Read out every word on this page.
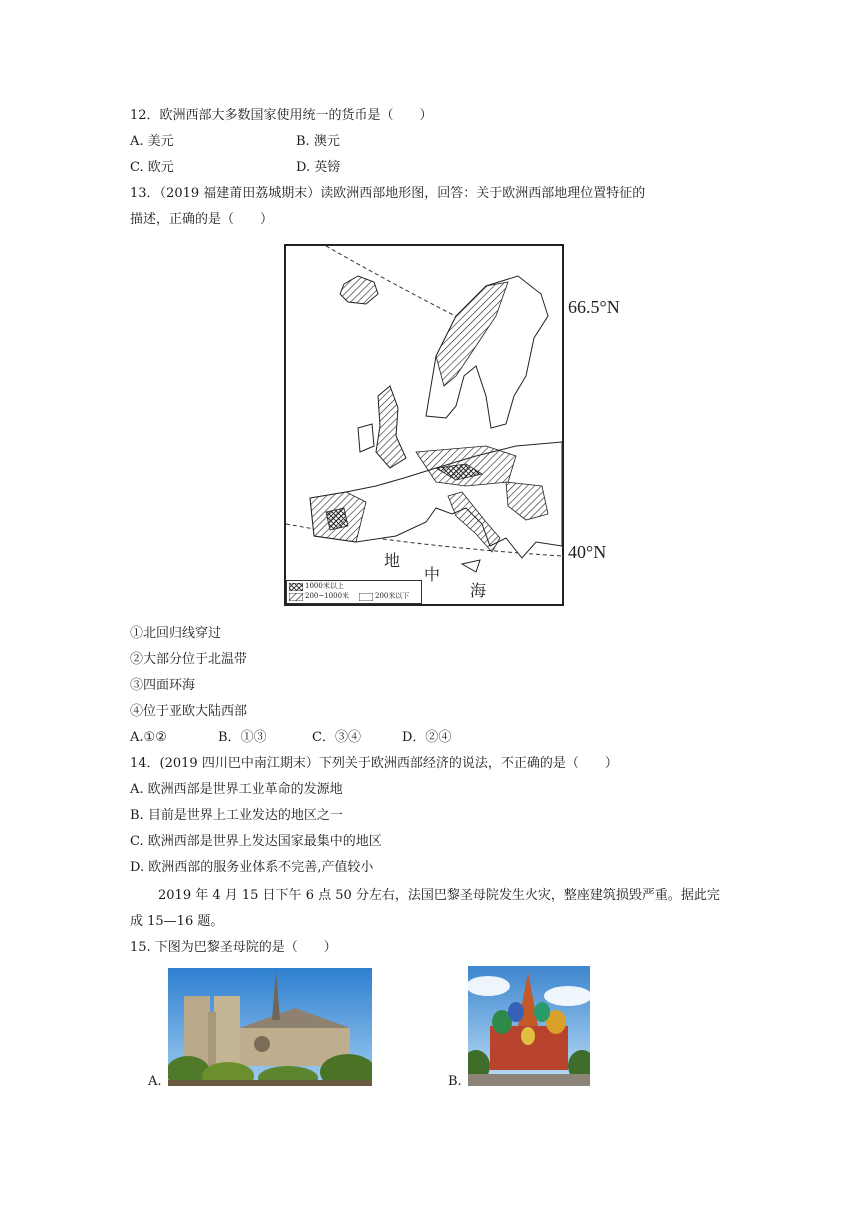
12．欧洲西部大多数国家使用统一的货币是（　　）
A. 美元	B. 澳元
C. 欧元	D. 英镑
13．（2019 福建莆田荔城期末）读欧洲西部地形图，回答：关于欧洲西部地理位置特征的
描述，正确的是（　　）
66.5°N
40°N
地
中
海
1000米以上
200~1000米	200米以下
①北回归线穿过
②大部分位于北温带
③四面环海
④位于亚欧大陆西部
A.①②	B．①③	C．③④	D．②④
14．(2019 四川巴中南江期末）下列关于欧洲西部经济的说法，不正确的是（　　）
A. 欧洲西部是世界工业革命的发源地
B. 目前是世界上工业发达的地区之一
C. 欧洲西部是世界上发达国家最集中的地区
D. 欧洲西部的服务业体系不完善,产值较小
2019 年 4 月 15 日下午 6 点 50 分左右，法国巴黎圣母院发生火灾，整座建筑损毁严重。据此完
成 15—16 题。
15. 下图为巴黎圣母院的是（　　）
A.	B.
